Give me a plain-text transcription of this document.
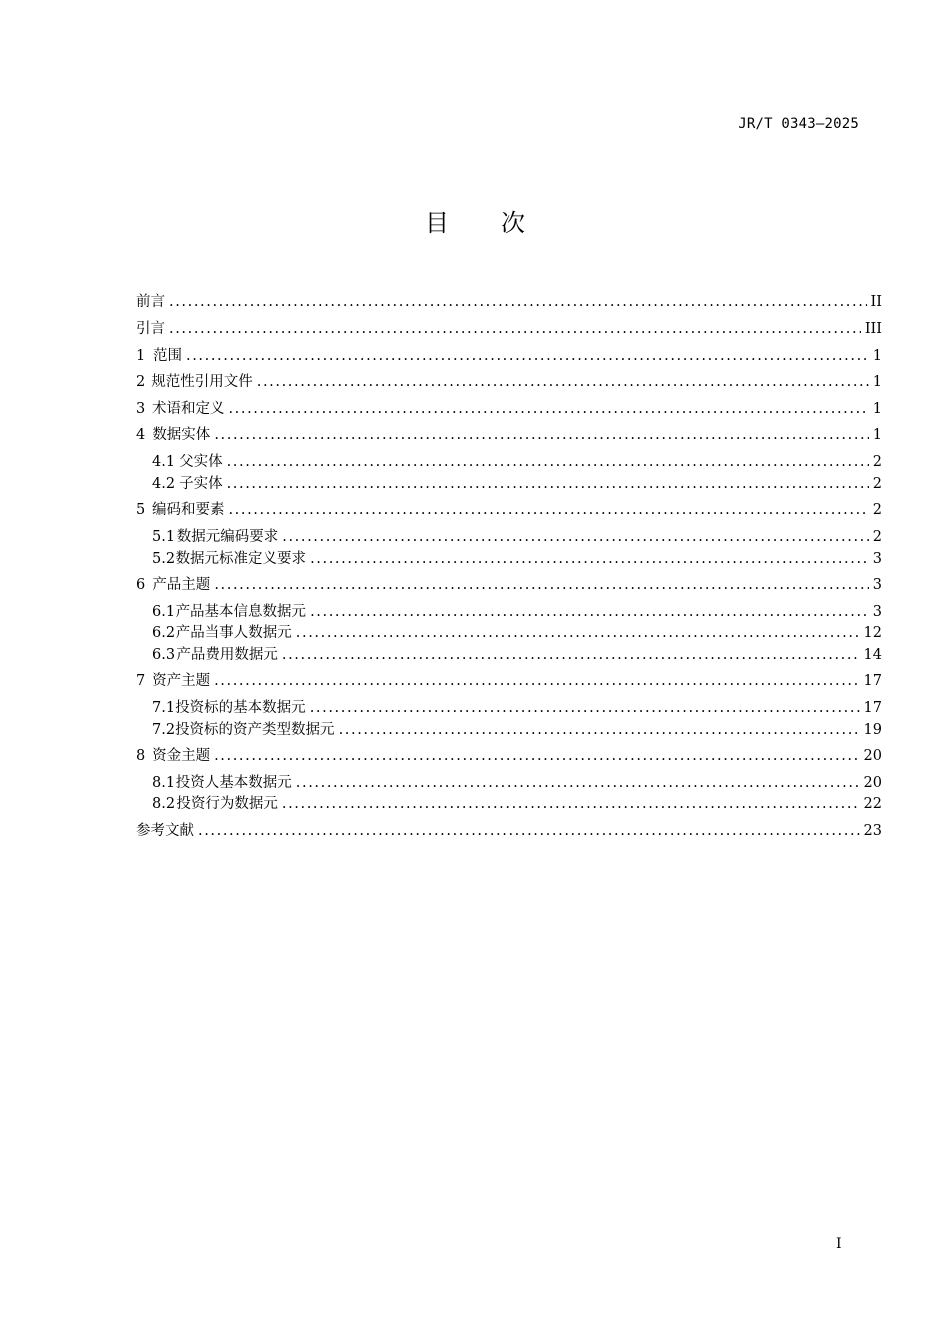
JR/T 0343—2025
目次
前言 .....	II
引言 .....	III
1 范围 .....	1
2 规范性引用文件 .....	1
3 术语和定义 .....	1
4 数据实体 .....	1
4.1 父实体 .....	2
4.2 子实体 .....	2
5 编码和要素 .....	2
5.1 数据元编码要求 .....	2
5.2 数据元标准定义要求 .....	3
6 产品主题 .....	3
6.1 产品基本信息数据元 .....	3
6.2 产品当事人数据元 .....	12
6.3 产品费用数据元 .....	14
7 资产主题 .....	17
7.1 投资标的基本数据元 .....	17
7.2 投资标的资产类型数据元 .....	19
8 资金主题 .....	20
8.1 投资人基本数据元 .....	20
8.2 投资行为数据元 .....	22
参考文献 .....	23
I
